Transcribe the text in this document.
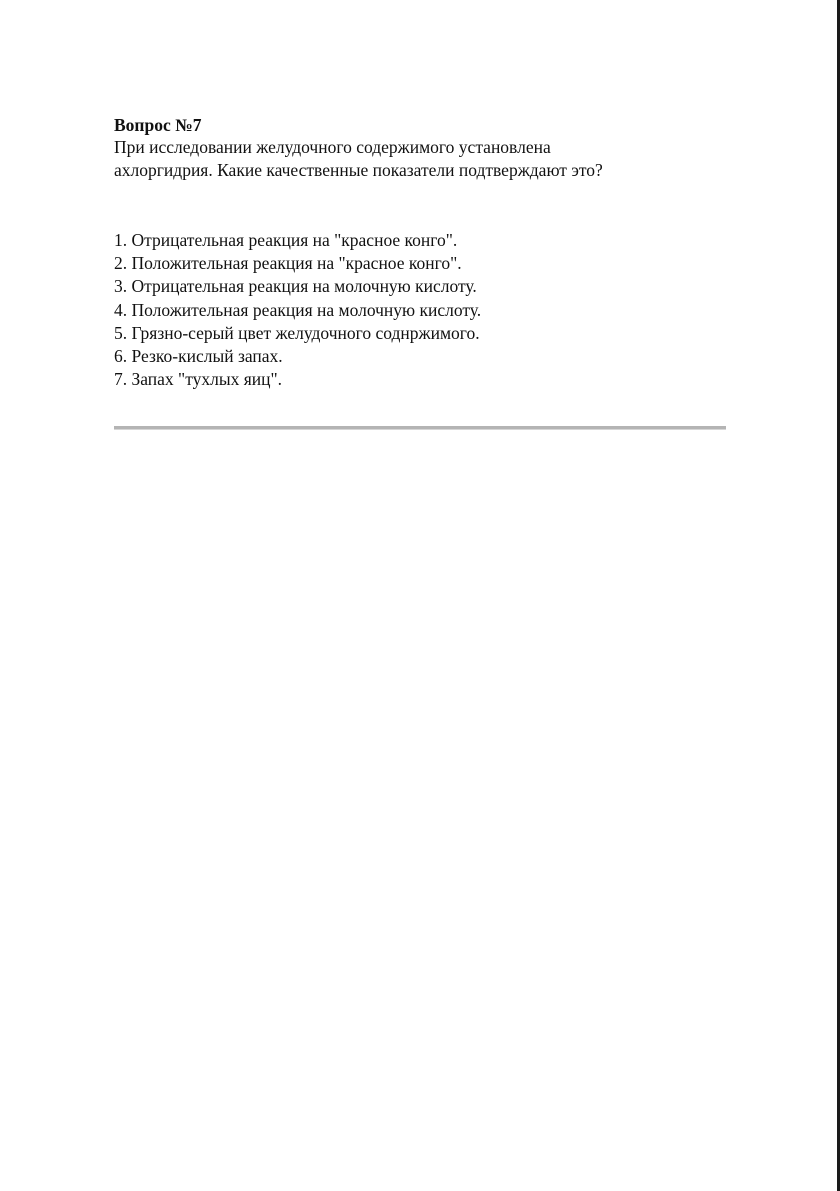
Вопрос №7

При исследовании желудочного содержимого установлена

ахлоргидрия. Какие качественные показатели подтверждают это?

1. Отрицательная реакция на "красное конго".
2. Положительная реакция на "красное конго".
3. Отрицательная реакция на молочную кислоту.
4. Положительная реакция на молочную кислоту.
5. Грязно-серый цвет желудочного соднржимого.
6. Резко-кислый запах.
7. Запах "тухлых яиц".
